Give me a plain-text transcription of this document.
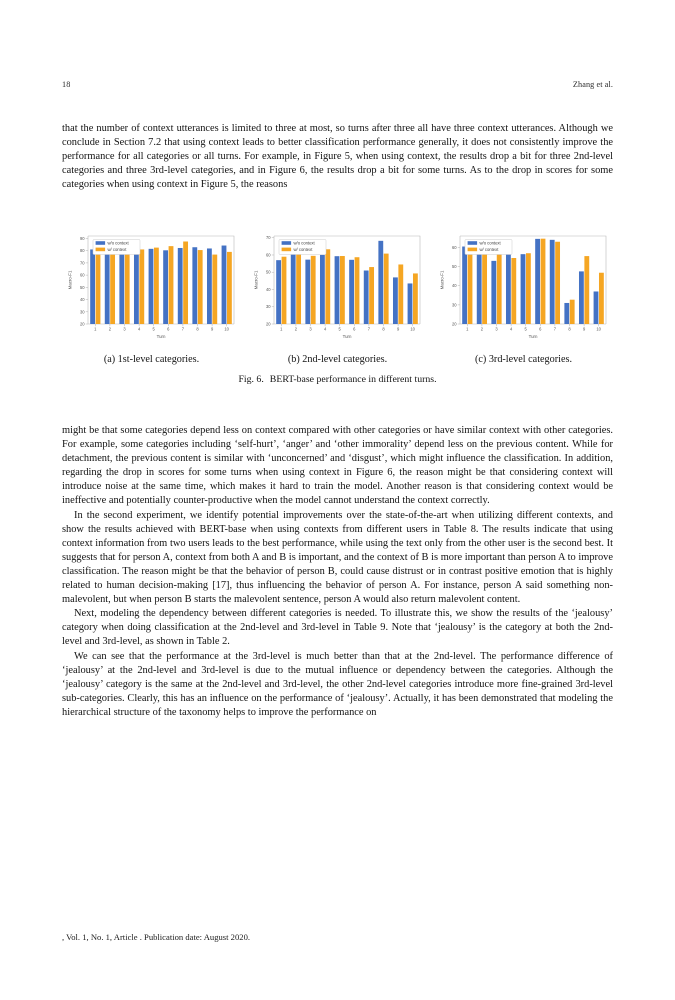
18	Zhang et al.

that the number of context utterances is limited to three at most, so turns after three all have three context utterances. Although we conclude in Section 7.2 that using context leads to better classification performance generally, it does not consistently improve the performance for all categories or all turns. For example, in Figure 5, when using context, the results drop a bit for three 2nd-level categories and three 3rd-level categories, and in Figure 6, the results drop a bit for some turns. As to the drop in scores for some categories when using context in Figure 5, the reasons

20
30
40
50
60
70
80
90
1	2	3	4	5	6	7	8	9	10
Turn
Macro-F1
w/o context
w/ context
20
30
40
50
60
70
1	2	3	4	5	6	7	8	9	10
Turn
Macro-F1
w/o context
w/ context
20
30
40
50
60
1	2	3	4	5	6	7	8	9	10
Turn
Macro-F1
w/o context
w/ context
(a) 1st-level categories.	(b) 2nd-level categories.	(c) 3rd-level categories.
Fig. 6. BERT-base performance in different turns.

might be that some categories depend less on context compared with other categories or have similar context with other categories. For example, some categories including ‘self-hurt’, ‘anger’ and ‘other immorality’ depend less on the previous content. While for detachment, the previous content is similar with ‘unconcerned’ and ‘disgust’, which might influence the classification. In addition, regarding the drop in scores for some turns when using context in Figure 6, the reason might be that considering context will introduce noise at the same time, which makes it hard to train the model. Another reason is that considering context would be ineffective and potentially counter-productive when the model cannot understand the context correctly.

In the second experiment, we identify potential improvements over the state-of-the-art when utilizing different contexts, and show the results achieved with BERT-base when using contexts from different users in Table 8. The results indicate that using context information from two users leads to the best performance, while using the text only from the other user is the second best. It suggests that for person A, context from both A and B is important, and the context of B is more important than person A to improve classification. The reason might be that the behavior of person B, could cause distrust or in contrast positive emotion that is highly related to human decision-making [17], thus influencing the behavior of person A. For instance, person A said something non-malevolent, but when person B starts the malevolent sentence, person A would also return malevolent content.

Next, modeling the dependency between different categories is needed. To illustrate this, we show the results of the ‘jealousy’ category when doing classification at the 2nd-level and 3rd-level in Table 9. Note that ‘jealousy’ is the category at both the 2nd-level and 3rd-level, as shown in Table 2.

We can see that the performance at the 3rd-level is much better than that at the 2nd-level. The performance difference of ‘jealousy’ at the 2nd-level and 3rd-level is due to the mutual influence or dependency between the categories. Although the ‘jealousy’ category is the same at the 2nd-level and 3rd-level, the other 2nd-level categories introduce more fine-grained 3rd-level sub-categories. Clearly, this has an influence on the performance of ‘jealousy’. Actually, it has been demonstrated that modeling the hierarchical structure of the taxonomy helps to improve the performance on

, Vol. 1, No. 1, Article . Publication date: August 2020.
